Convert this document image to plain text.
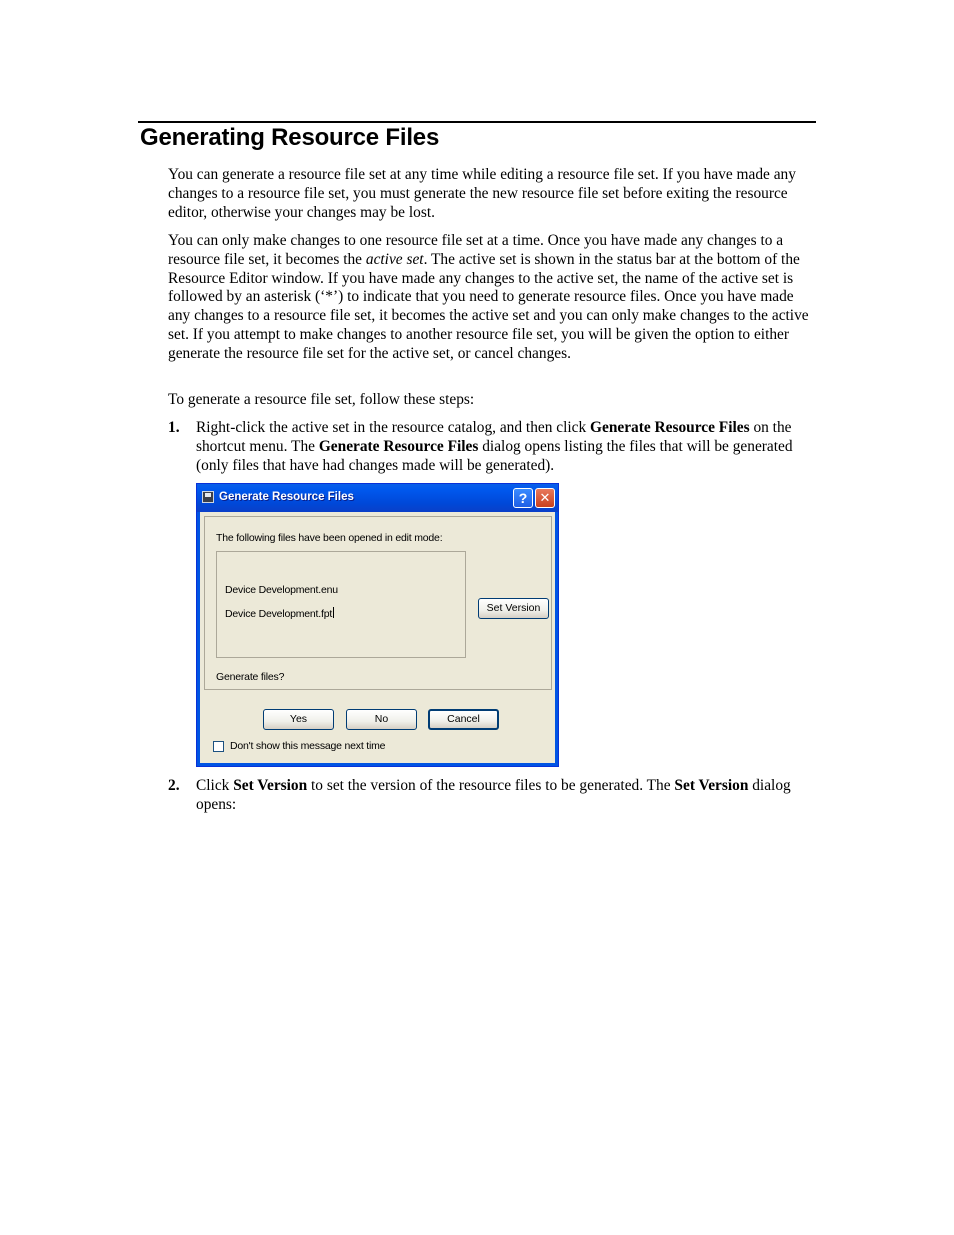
Generating Resource Files

You can generate a resource file set at any time while editing a resource file set. If you have made any changes to a resource file set, you must generate the new resource file set before exiting the resource editor, otherwise your changes may be lost.

You can only make changes to one resource file set at a time. Once you have made any changes to a resource file set, it becomes the active set. The active set is shown in the status bar at the bottom of the Resource Editor window. If you have made any changes to the active set, the name of the active set is followed by an asterisk (‘*’) to indicate that you need to generate resource files. Once you have made any changes to a resource file set, it becomes the active set and you can only make changes to the active set. If you attempt to make changes to another resource file set, you will be given the option to either generate the resource file set for the active set, or cancel changes.

To generate a resource file set, follow these steps:

1. Right-click the active set in the resource catalog, and then click Generate Resource Files on the shortcut menu. The Generate Resource Files dialog opens listing the files that will be generated (only files that have had changes made will be generated).
Generate Resource Files	? ✕
The following files have been opened in edit mode:
Device Development.enu
Device Development.fpt	Set Version
Generate files?
Yes	No	Cancel
Don't show this message next time
2. Click Set Version to set the version of the resource files to be generated. The Set Version dialog opens:
